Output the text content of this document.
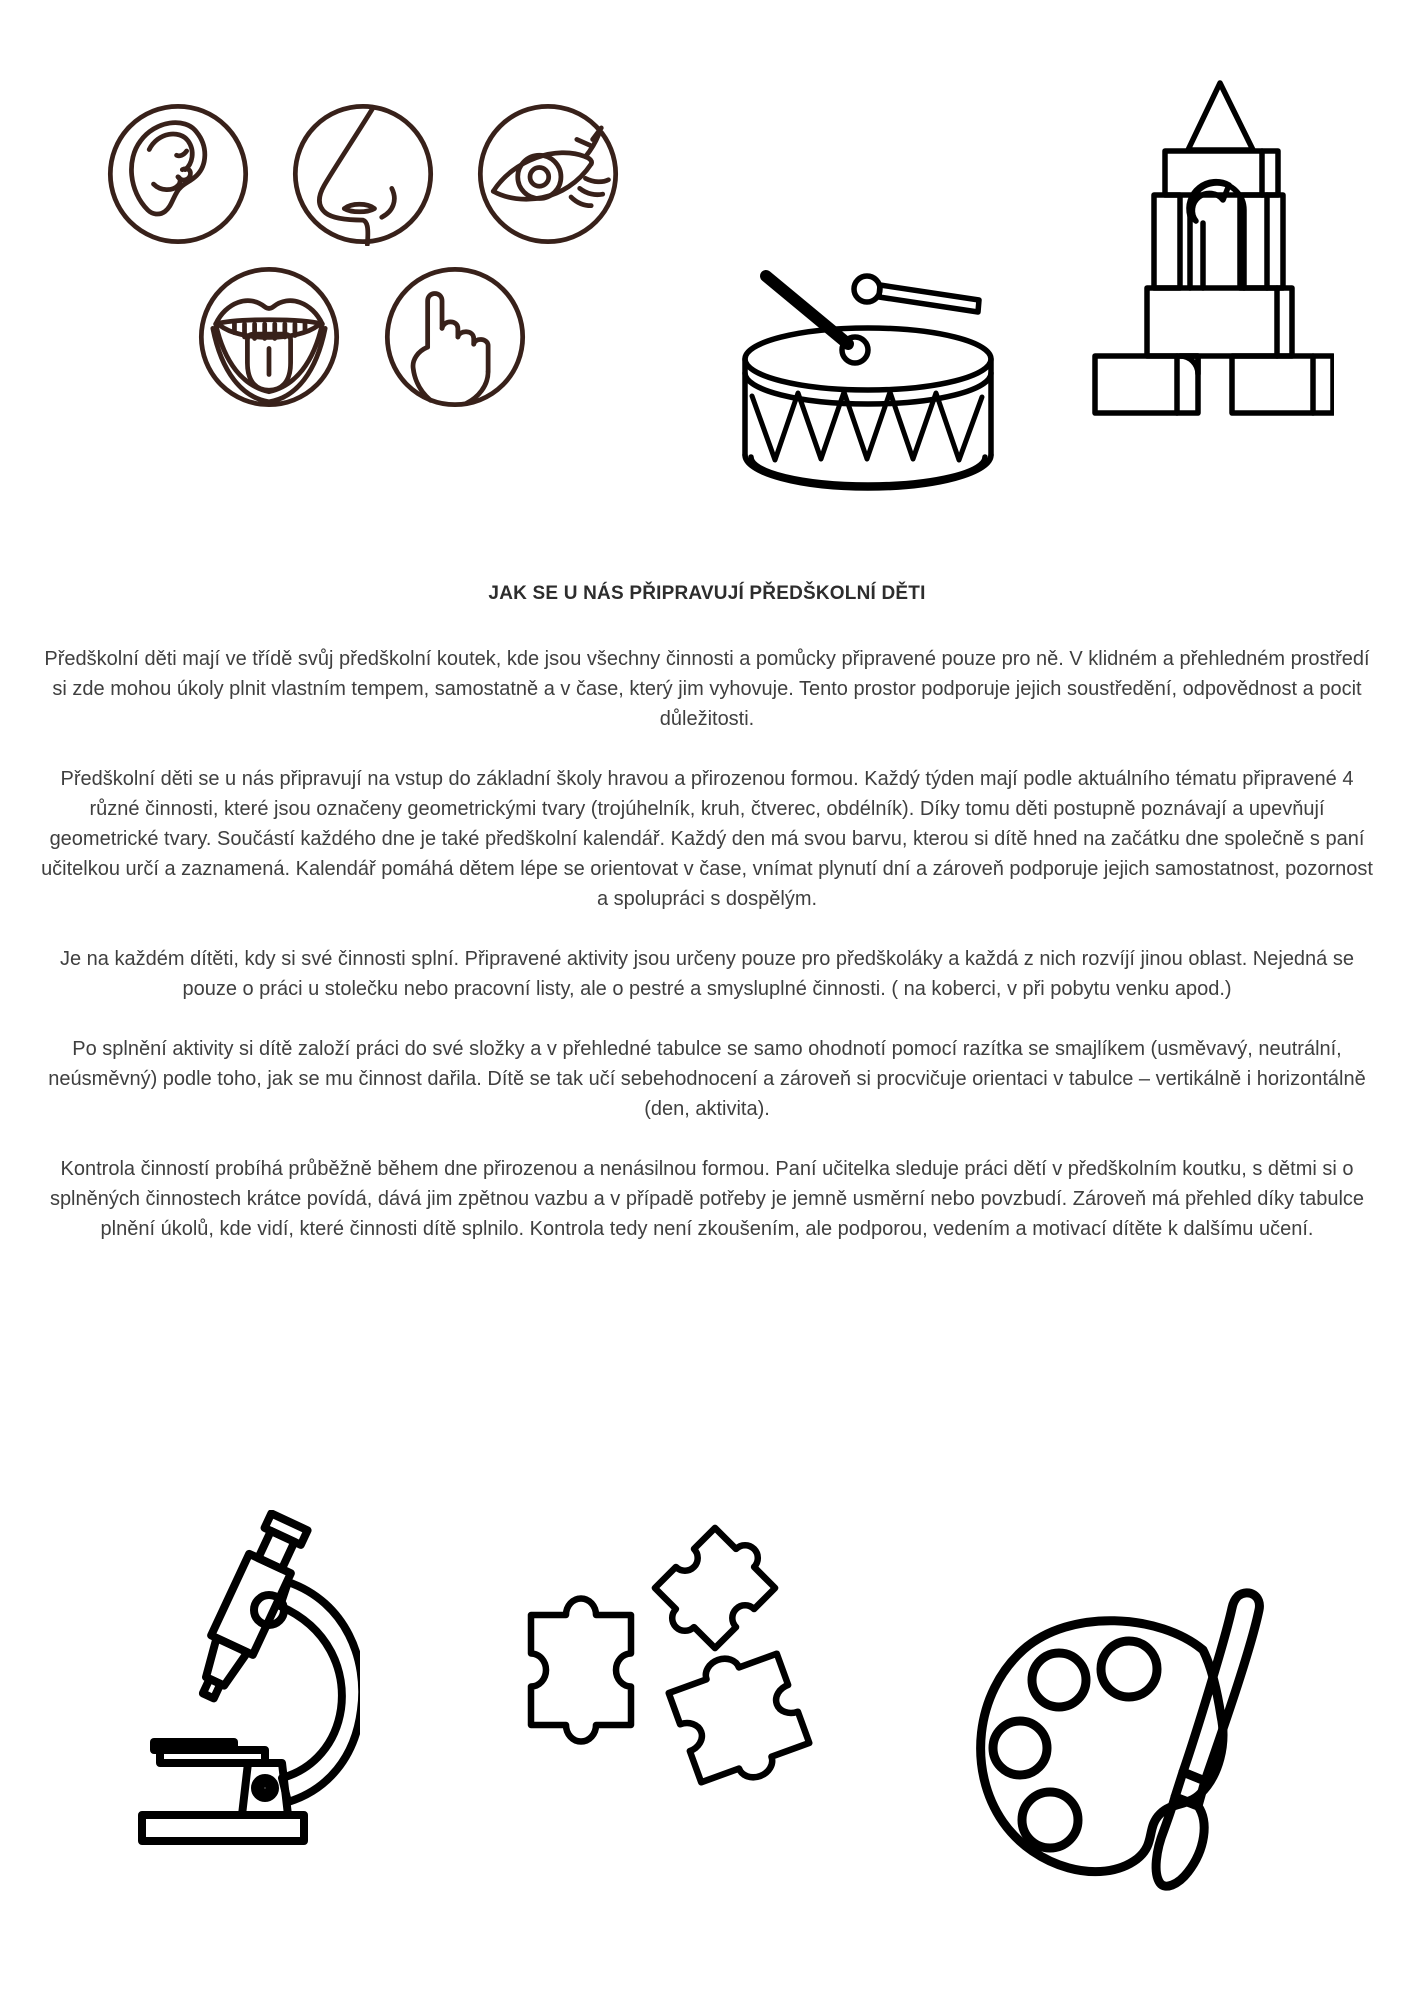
JAK SE U NÁS PŘIPRAVUJÍ PŘEDŠKOLNÍ DĚTI

Předškolní děti mají ve třídě svůj předškolní koutek, kde jsou všechny činnosti a pomůcky připravené pouze pro ně. V klidném a přehledném prostředí si zde mohou úkoly plnit vlastním tempem, samostatně a v čase, který jim vyhovuje. Tento prostor podporuje jejich soustředění, odpovědnost a pocit důležitosti.

Předškolní děti se u nás připravují na vstup do základní školy hravou a přirozenou formou. Každý týden mají podle aktuálního tématu připravené 4 různé činnosti, které jsou označeny geometrickými tvary (trojúhelník, kruh, čtverec, obdélník). Díky tomu děti postupně poznávají a upevňují geometrické tvary. Součástí každého dne je také předškolní kalendář. Každý den má svou barvu, kterou si dítě hned na začátku dne společně s paní učitelkou určí a zaznamená. Kalendář pomáhá dětem lépe se orientovat v čase, vnímat plynutí dní a zároveň podporuje jejich samostatnost, pozornost a spolupráci s dospělým.

Je na každém dítěti, kdy si své činnosti splní. Připravené aktivity jsou určeny pouze pro předškoláky a každá z nich rozvíjí jinou oblast. Nejedná se pouze o práci u stolečku nebo pracovní listy, ale o pestré a smysluplné činnosti. ( na koberci, v při pobytu venku apod.)

Po splnění aktivity si dítě založí práci do své složky a v přehledné tabulce se samo ohodnotí pomocí razítka se smajlíkem (usměvavý, neutrální, neúsměvný) podle toho, jak se mu činnost dařila. Dítě se tak učí sebehodnocení a zároveň si procvičuje orientaci v tabulce – vertikálně i horizontálně (den, aktivita).

Kontrola činností probíhá průběžně během dne přirozenou a nenásilnou formou. Paní učitelka sleduje práci dětí v předškolním koutku, s dětmi si o splněných činnostech krátce povídá, dává jim zpětnou vazbu a v případě potřeby je jemně usměrní nebo povzbudí. Zároveň má přehled díky tabulce plnění úkolů, kde vidí, které činnosti dítě splnilo. Kontrola tedy není zkoušením, ale podporou, vedením a motivací dítěte k dalšímu učení.
